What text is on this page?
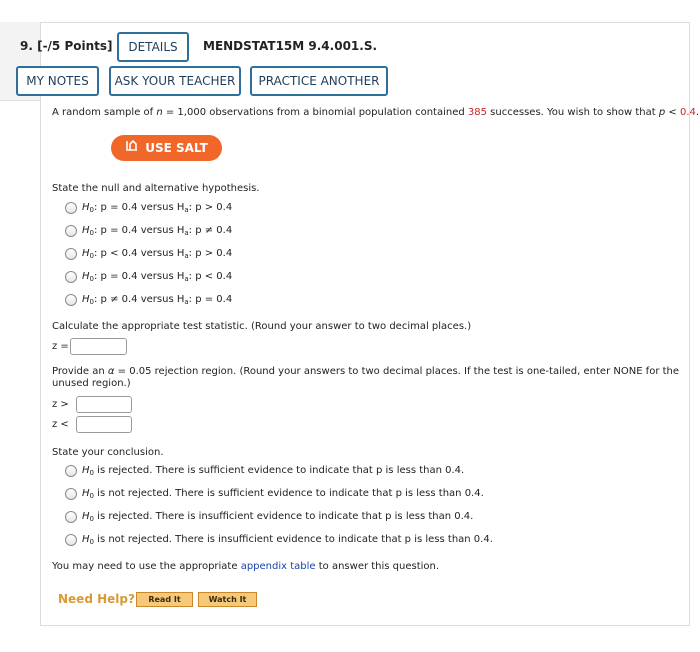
9. [-/5 Points]	DETAILS	MENDSTAT15M 9.4.001.S.
MY NOTES	ASK YOUR TEACHER	PRACTICE ANOTHER
A random sample of n = 1,000 observations from a binomial population contained 385 successes. You wish to show that p < 0.4.
USE SALT
State the null and alternative hypothesis.
$H_0$: p = 0.4 versus $H_a$: p > 0.4
$H_0$: p = 0.4 versus $H_a$: p ≠ 0.4
$H_0$: p < 0.4 versus $H_a$: p > 0.4
$H_0$: p = 0.4 versus $H_a$: p < 0.4
$H_0$: p ≠ 0.4 versus $H_a$: p = 0.4
Calculate the appropriate test statistic. (Round your answer to two decimal places.)
z =
Provide an α = 0.05 rejection region. (Round your answers to two decimal places. If the test is one-tailed, enter NONE for the
unused region.)
z >
z <
State your conclusion.
$H_0$ is rejected. There is sufficient evidence to indicate that p is less than 0.4.
$H_0$ is not rejected. There is sufficient evidence to indicate that p is less than 0.4.
$H_0$ is rejected. There is insufficient evidence to indicate that p is less than 0.4.
$H_0$ is not rejected. There is insufficient evidence to indicate that p is less than 0.4.
You may need to use the appropriate appendix table to answer this question.
Need Help?	Read It	Watch It
